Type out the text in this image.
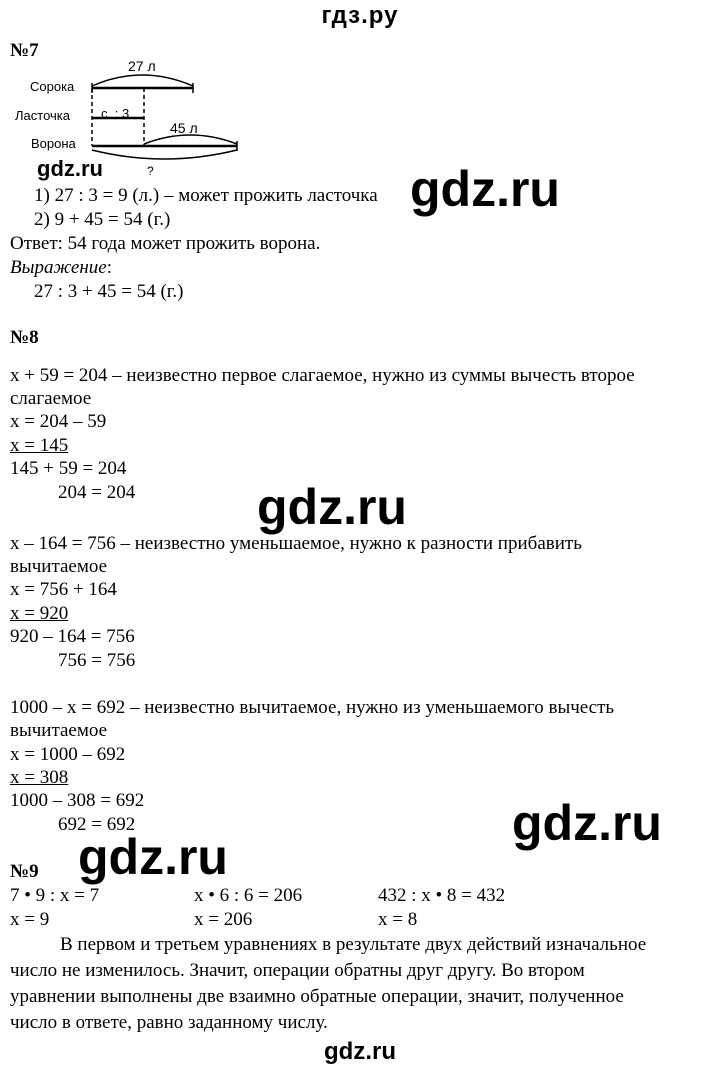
гдз.ру
№7
Сорока
Ласточка
Ворона
27 л
с. : 3
45 л
?
gdz.ru	gdz.ru
1) 27 : 3 = 9 (л.) – может прожить ласточка
2) 9 + 45 = 54 (г.)
Ответ: 54 года может прожить ворона.
Выражение:
27 : 3 + 45 = 54 (г.)
№8
x + 59 = 204 – неизвестно первое слагаемое, нужно из суммы вычесть второе
слагаемое
x = 204 – 59
x = 145
145 + 59 = 204
204 = 204 gdz.ru
x – 164 = 756 – неизвестно уменьшаемое, нужно к разности прибавить
вычитаемое
x = 756 + 164
x = 920
920 – 164 = 756
756 = 756
1000 – x = 692 – неизвестно вычитаемое, нужно из уменьшаемого вычесть
вычитаемое
x = 1000 – 692
x = 308
1000 – 308 = 692
692 = 692	gdz.ru
gdz.ru
№9
7 • 9 : x = 7	x • 6 : 6 = 206	432 : x • 8 = 432
x = 9	x = 206	x = 8
В первом и третьем уравнениях в результате двух действий изначальное
число не изменилось. Значит, операции обратны друг другу. Во втором
уравнении выполнены две взаимно обратные операции, значит, полученное
число в ответе, равно заданному числу.
gdz.ru
